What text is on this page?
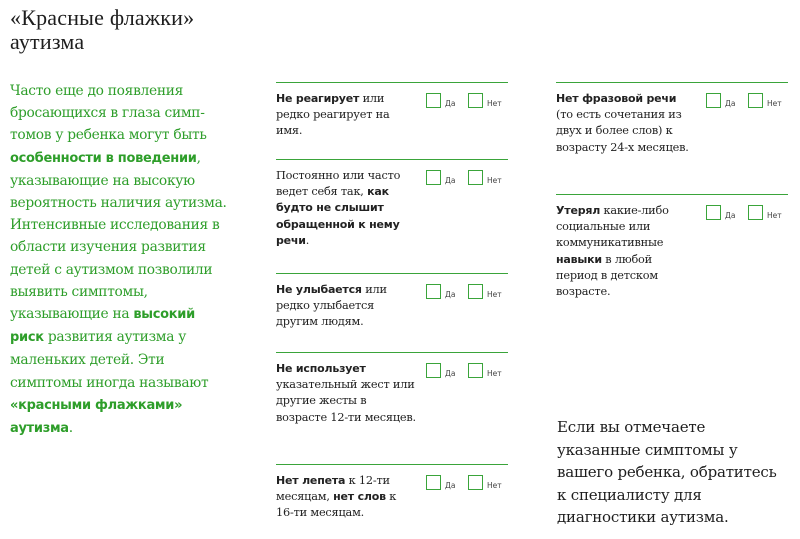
«Красные флажки»
аутизма
Часто еще до появления бросающихся в глаза симптомов у ребенка могут быть особенности в поведении, указывающие на высокую вероятность наличия аутизма. Интенсивные исследования в области изучения развития детей с аутизмом позволили выявить симптомы, указывающие на высокий риск развития аутизма у маленьких детей. Эти симптомы иногда называют «красными флажками» аутизма.
Не реагирует или редко реагирует на имя.
Да	Нет
Постоянно или часто ведет себя так, как будто не слышит обращенной к нему речи.
Да	Нет
Не улыбается или редко улыбается другим людям.
Да	Нет
Не использует указательный жест или другие жесты в возрасте 12-ти месяцев.
Да	Нет
Нет лепета к 12-ти месяцам, нет слов к 16-ти месяцам.
Да	Нет
Нет фразовой речи (то есть сочетания из двух и более слов) к возрасту 24-х месяцев.
Да	Нет
Утерял какие-либо социальные или коммуникативные навыки в любой период в детском возрасте.
Да	Нет
Если вы отмечаете указанные симптомы у вашего ребенка, обратитесь к специалисту для диагностики аутизма.
